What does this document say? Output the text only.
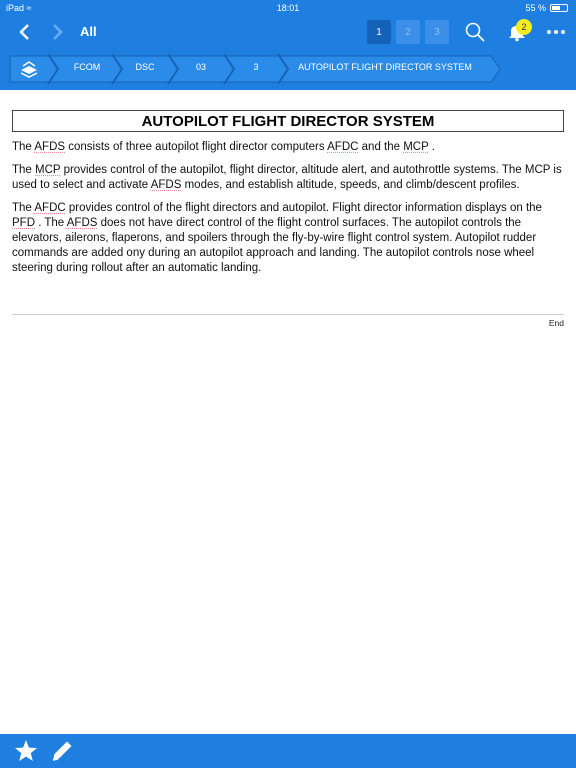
iPad ≈	18:01	55 %
All	1	2	3	2
FCOM	DSC	03	3	AUTOPILOT FLIGHT DIRECTOR SYSTEM
AUTOPILOT FLIGHT DIRECTOR SYSTEM
The AFDS consists of three autopilot flight director computers AFDC and the MCP .
The MCP provides control of the autopilot, flight director, altitude alert, and autothrottle systems. The MCP is used to select and activate AFDS modes, and establish altitude, speeds, and climb/descent profiles.
The AFDC provides control of the flight directors and autopilot. Flight director information displays on the PFD . The AFDS does not have direct control of the flight control surfaces. The autopilot controls the elevators, ailerons, flaperons, and spoilers through the fly-by-wire flight control system. Autopilot rudder commands are added ony during an autopilot approach and landing. The autopilot controls nose wheel steering during rollout after an automatic landing.
End
